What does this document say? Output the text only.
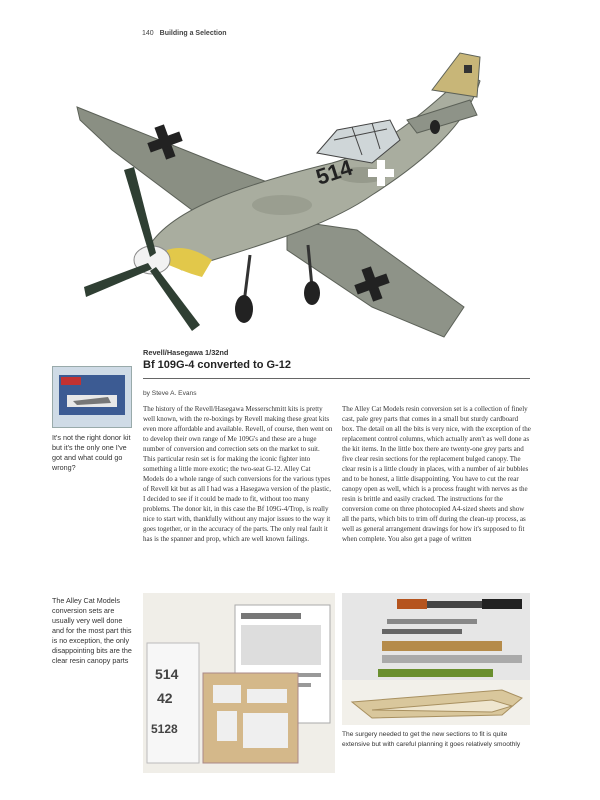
140 Building a Selection
514
It's not the right donor kit but it's the only one I've got and what could go wrong?
Revell/Hasegawa 1/32nd
Bf 109G-4 converted to G-12
by Steve A. Evans
The history of the Revell/Hasegawa Messerschmitt kits is pretty well known, with the re-boxings by Revell making these great kits even more affordable and available. Revell, of course, then went on to develop their own range of Me 109G's and these are a huge number of conversion and correction sets on the market to suit. This particular resin set is for making the iconic fighter into something a little more exotic; the two-seat G-12. Alley Cat Models do a whole range of such conversions for the various types of Revell kit but as all I had was a Hasegawa version of the plastic, I decided to see if it could be made to fit, without too many problems. The donor kit, in this case the Bf 109G-4/Trop, is really nice to start with, thankfully without any major issues to the way it goes together, or in the accuracy of the parts. The only real fault it has is the spanner and prop, which are well known failings.
The Alley Cat Models resin conversion set is a collection of finely cast, pale grey parts that comes in a small but sturdy cardboard box. The detail on all the bits is very nice, with the exception of the replacement control columns, which actually aren't as well done as the kit items. In the little box there are twenty-one grey parts and five clear resin sections for the replacement bulged canopy. The clear resin is a little cloudy in places, with a number of air bubbles and to be honest, a little disappointing. You have to cut the rear canopy open as well, which is a process fraught with nerves as the resin is brittle and easily cracked. The instructions for the conversion come on three photocopied A4-sized sheets and show all the parts, which bits to trim off during the clean-up process, as well as general arrangement drawings for how it's supposed to fit when complete. You also get a page of written
The Alley Cat Models conversion sets are usually very well done and for the most part this is no exception, the only disappointing bits are the clear resin canopy parts
514
42
5128	The surgery needed to get the new sections to fit is quite extensive but with careful planning it goes relatively smoothly
